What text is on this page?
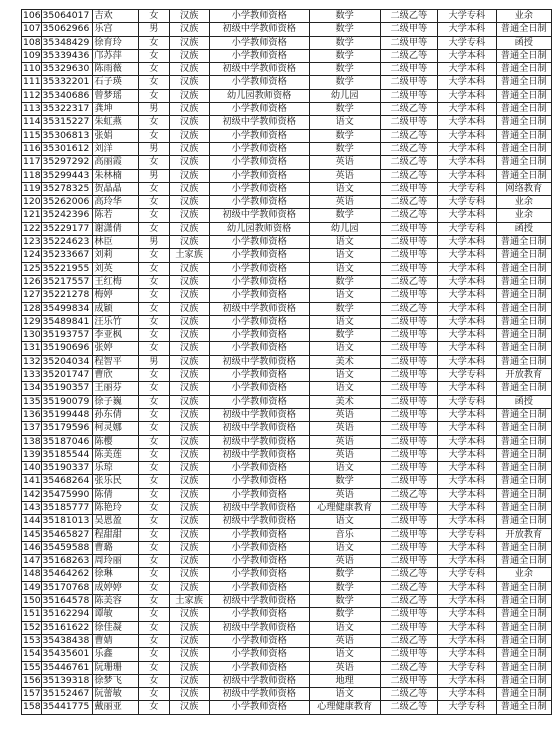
106	35064017	吉欢	女	汉族	小学教师资格	数学	二级乙等	大学专科	业余
107	35062966	乐宫	男	汉族	初级中学教师资格	数学	二级甲等	大学本科	普通全日制
108	35348429	徐育玲	女	汉族	小学教师资格	数学	二级甲等	大学专科	函授
109	35339436	邝苏萍	女	汉族	小学教师资格	数学	二级乙等	大学本科	普通全日制
110	35329630	陈雨薇	女	汉族	初级中学教师资格	数学	二级甲等	大学本科	普通全日制
111	35332201	石子瑛	女	汉族	小学教师资格	数学	二级甲等	大学本科	普通全日制
112	35340686	曾梦瑶	女	汉族	幼儿园教师资格	幼儿园	二级甲等	大学本科	普通全日制
113	35322317	龚坤	男	汉族	小学教师资格	数学	二级乙等	大学本科	普通全日制
114	35315227	朱虹燕	女	汉族	初级中学教师资格	语文	二级甲等	大学本科	普通全日制
115	35306813	张娟	女	汉族	小学教师资格	数学	二级乙等	大学本科	普通全日制
116	35301612	刘洋	男	汉族	小学教师资格	数学	二级乙等	大学本科	普通全日制
117	35297292	高丽霞	女	汉族	小学教师资格	英语	二级乙等	大学本科	普通全日制
118	35299443	朱林楠	男	汉族	小学教师资格	英语	二级乙等	大学本科	普通全日制
119	35278325	贺晶晶	女	汉族	小学教师资格	语文	二级甲等	大学专科	网络教育
120	35262006	高玲华	女	汉族	小学教师资格	英语	二级乙等	大学专科	业余
121	35242396	陈若	女	汉族	初级中学教师资格	数学	二级乙等	大学本科	业余
122	35229177	谢潇倩	女	汉族	幼儿园教师资格	幼儿园	二级甲等	大学专科	函授
123	35224623	林臣	男	汉族	小学教师资格	语文	二级甲等	大学本科	普通全日制
124	35233667	刘莉	女	土家族	小学教师资格	语文	二级甲等	大学本科	普通全日制
125	35221955	刘英	女	汉族	小学教师资格	语文	二级甲等	大学本科	普通全日制
126	35217557	王红梅	女	汉族	小学教师资格	数学	二级乙等	大学本科	普通全日制
127	35221278	梅婷	女	汉族	小学教师资格	语文	二级甲等	大学本科	普通全日制
128	35499834	成颖	女	汉族	初级中学教师资格	数学	二级乙等	大学本科	普通全日制
129	35489841	汪乐竹	女	汉族	小学教师资格	语文	二级甲等	大学本科	普通全日制
130	35193757	李亚枫	女	汉族	小学教师资格	数学	二级甲等	大学本科	普通全日制
131	35190696	张婷	女	汉族	小学教师资格	语文	二级甲等	大学本科	普通全日制
132	35204034	程智平	男	汉族	初级中学教师资格	美术	二级甲等	大学本科	普通全日制
133	35201747	曹欣	女	汉族	小学教师资格	语文	二级甲等	大学专科	开放教育
134	35190357	王丽芬	女	汉族	小学教师资格	语文	二级甲等	大学本科	普通全日制
135	35190079	徐子巍	女	汉族	小学教师资格	美术	二级甲等	大学专科	函授
136	35199448	孙东倩	女	汉族	初级中学教师资格	英语	二级甲等	大学本科	普通全日制
137	35179596	柯灵娜	女	汉族	初级中学教师资格	英语	二级甲等	大学本科	普通全日制
138	35187046	陈樱	女	汉族	初级中学教师资格	英语	二级甲等	大学本科	普通全日制
139	35185544	陈美莲	女	汉族	初级中学教师资格	英语	二级甲等	大学本科	普通全日制
140	35190337	乐琼	女	汉族	小学教师资格	语文	二级甲等	大学本科	普通全日制
141	35468264	张乐民	女	汉族	小学教师资格	数学	二级甲等	大学本科	普通全日制
142	35475990	陈倩	女	汉族	小学教师资格	英语	二级乙等	大学本科	普通全日制
143	35185777	陈艳玲	女	汉族	初级中学教师资格	心理健康教育	二级甲等	大学本科	普通全日制
144	35181013	吴恩盈	女	汉族	初级中学教师资格	语文	二级甲等	大学本科	普通全日制
145	35465827	程甜甜	女	汉族	小学教师资格	音乐	二级甲等	大学专科	开放教育
146	35459588	曹璐	女	汉族	小学教师资格	语文	二级甲等	大学本科	普通全日制
147	35168263	周玲丽	女	汉族	小学教师资格	英语	二级甲等	大学本科	普通全日制
148	35464262	徐琳	女	汉族	小学教师资格	数学	二级乙等	大学专科	业余
149	35170768	成婷婷	女	汉族	小学教师资格	数学	二级乙等	大学本科	普通全日制
150	35164578	陈美容	女	土家族	初级中学教师资格	数学	二级乙等	大学本科	普通全日制
151	35162294	谭敏	女	汉族	小学教师资格	数学	二级甲等	大学本科	普通全日制
152	35161622	徐佳凝	女	汉族	初级中学教师资格	语文	二级甲等	大学本科	普通全日制
153	35438438	曹婧	女	汉族	小学教师资格	英语	二级乙等	大学本科	普通全日制
154	35435601	乐鑫	女	汉族	小学教师资格	语文	二级甲等	大学本科	普通全日制
155	35446761	阮珊珊	女	汉族	小学教师资格	英语	二级乙等	大学专科	普通全日制
156	35139318	徐梦飞	女	汉族	初级中学教师资格	地理	二级甲等	大学本科	普通全日制
157	35152467	阮蕾敏	女	汉族	初级中学教师资格	语文	二级乙等	大学本科	普通全日制
158	35441775	戴丽亚	女	汉族	小学教师资格	心理健康教育	二级乙等	大学专科	普通全日制
